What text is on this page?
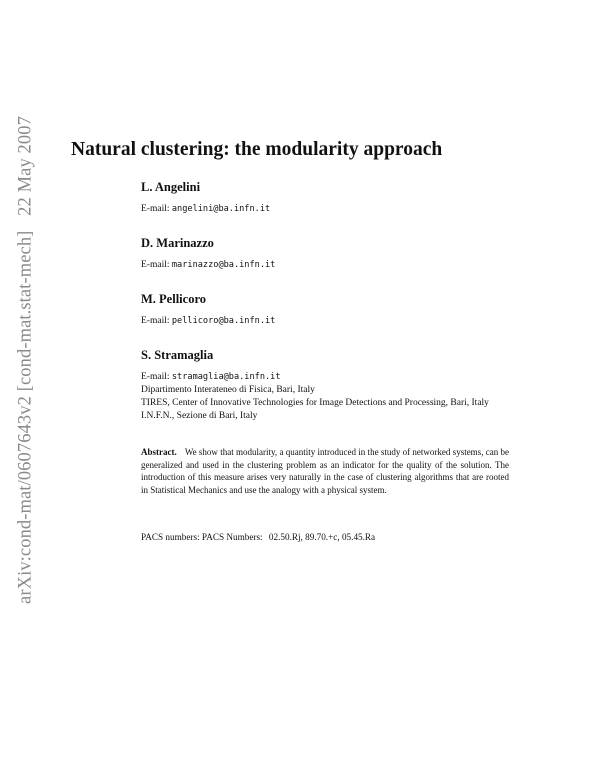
arXiv:cond-mat/0607643v2 [cond-mat.stat-mech] 22 May 2007 Natural clustering: the modularity approach
L. Angelini
E-mail: angelini@ba.infn.it
D. Marinazzo
E-mail: marinazzo@ba.infn.it
M. Pellicoro
E-mail: pellicoro@ba.infn.it
S. Stramaglia
E-mail: stramaglia@ba.infn.it
Dipartimento Interateneo di Fisica, Bari, Italy
TIRES, Center of Innovative Technologies for Image Detections and Processing, Bari, Italy
I.N.F.N., Sezione di Bari, Italy

Abstract. We show that modularity, a quantity introduced in the study of networked systems, can be generalized and used in the clustering problem as an indicator for the quality of the solution. The introduction of this measure arises very naturally in the case of clustering algorithms that are rooted in Statistical Mechanics and use the analogy with a physical system.

PACS numbers: PACS Numbers: 02.50.Rj, 89.70.+c, 05.45.Ra
